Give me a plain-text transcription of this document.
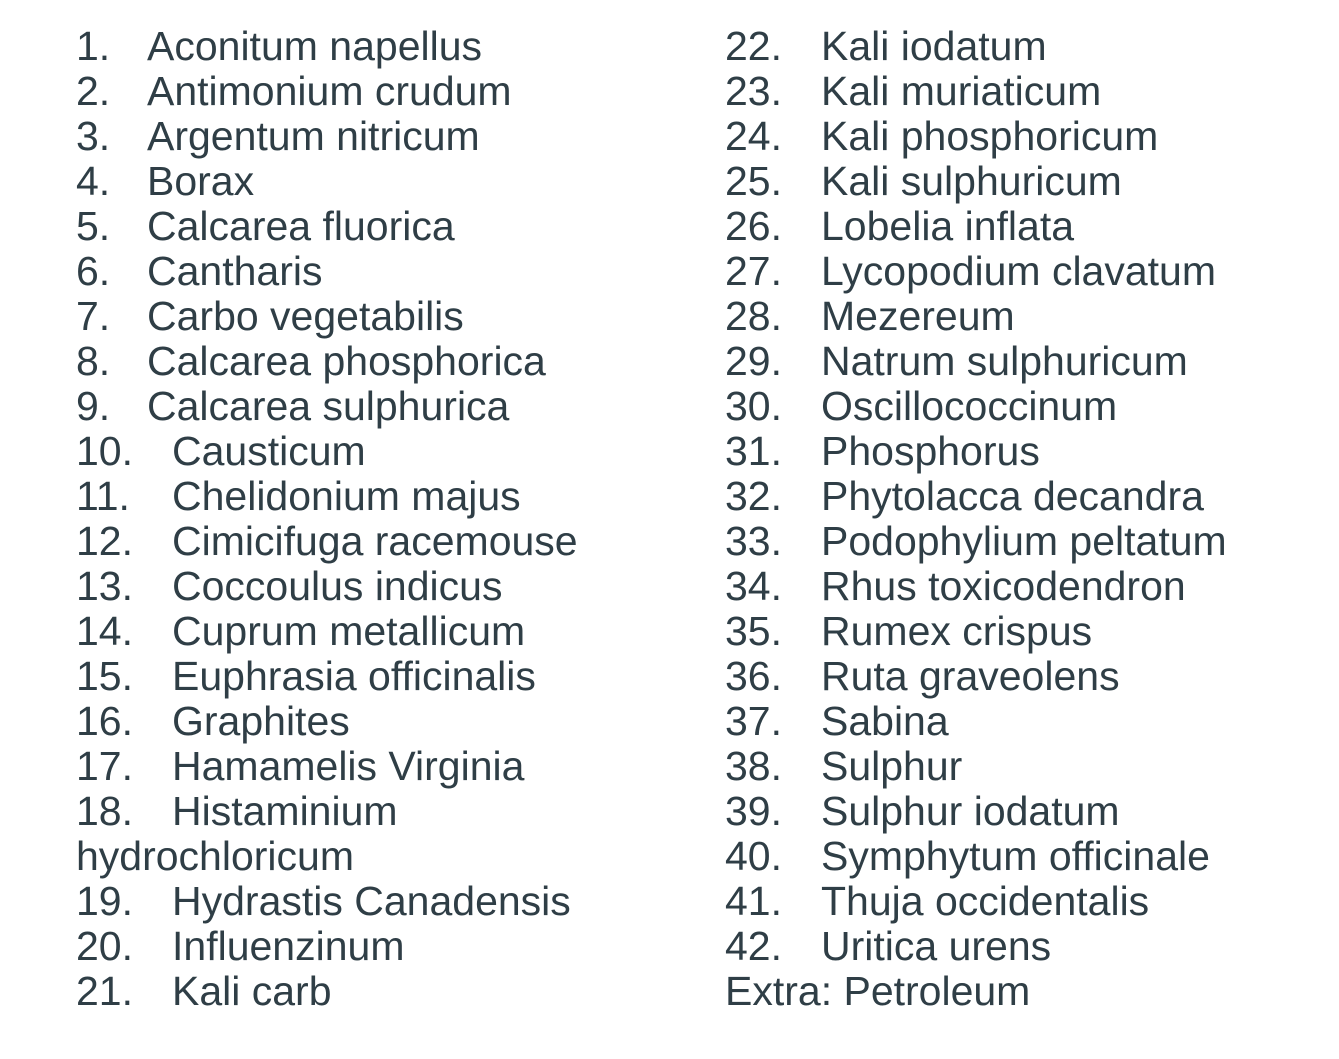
1. Aconitum napellus
2. Antimonium crudum
3. Argentum nitricum
4. Borax
5. Calcarea fluorica
6. Cantharis
7. Carbo vegetabilis
8. Calcarea phosphorica
9. Calcarea sulphurica
10. Causticum
11.	Chelidonium majus
12. Cimicifuga racemouse
13. Coccoulus indicus
14. Cuprum metallicum
15. Euphrasia officinalis
16. Graphites
17. Hamamelis Virginia
18. Histaminium
hydrochloricum
19. Hydrastis Canadensis
20. Influenzinum
21. Kali carb
22. Kali iodatum
23. Kali muriaticum
24. Kali phosphoricum
25. Kali sulphuricum
26. Lobelia inflata
27. Lycopodium clavatum
28. Mezereum
29. Natrum sulphuricum
30. Oscillococcinum
31. Phosphorus
32. Phytolacca decandra
33. Podophylium peltatum
34. Rhus toxicodendron
35. Rumex crispus
36. Ruta graveolens
37. Sabina
38. Sulphur
39. Sulphur iodatum
40. Symphytum officinale
41. Thuja occidentalis
42. Uritica urens
Extra: Petroleum
